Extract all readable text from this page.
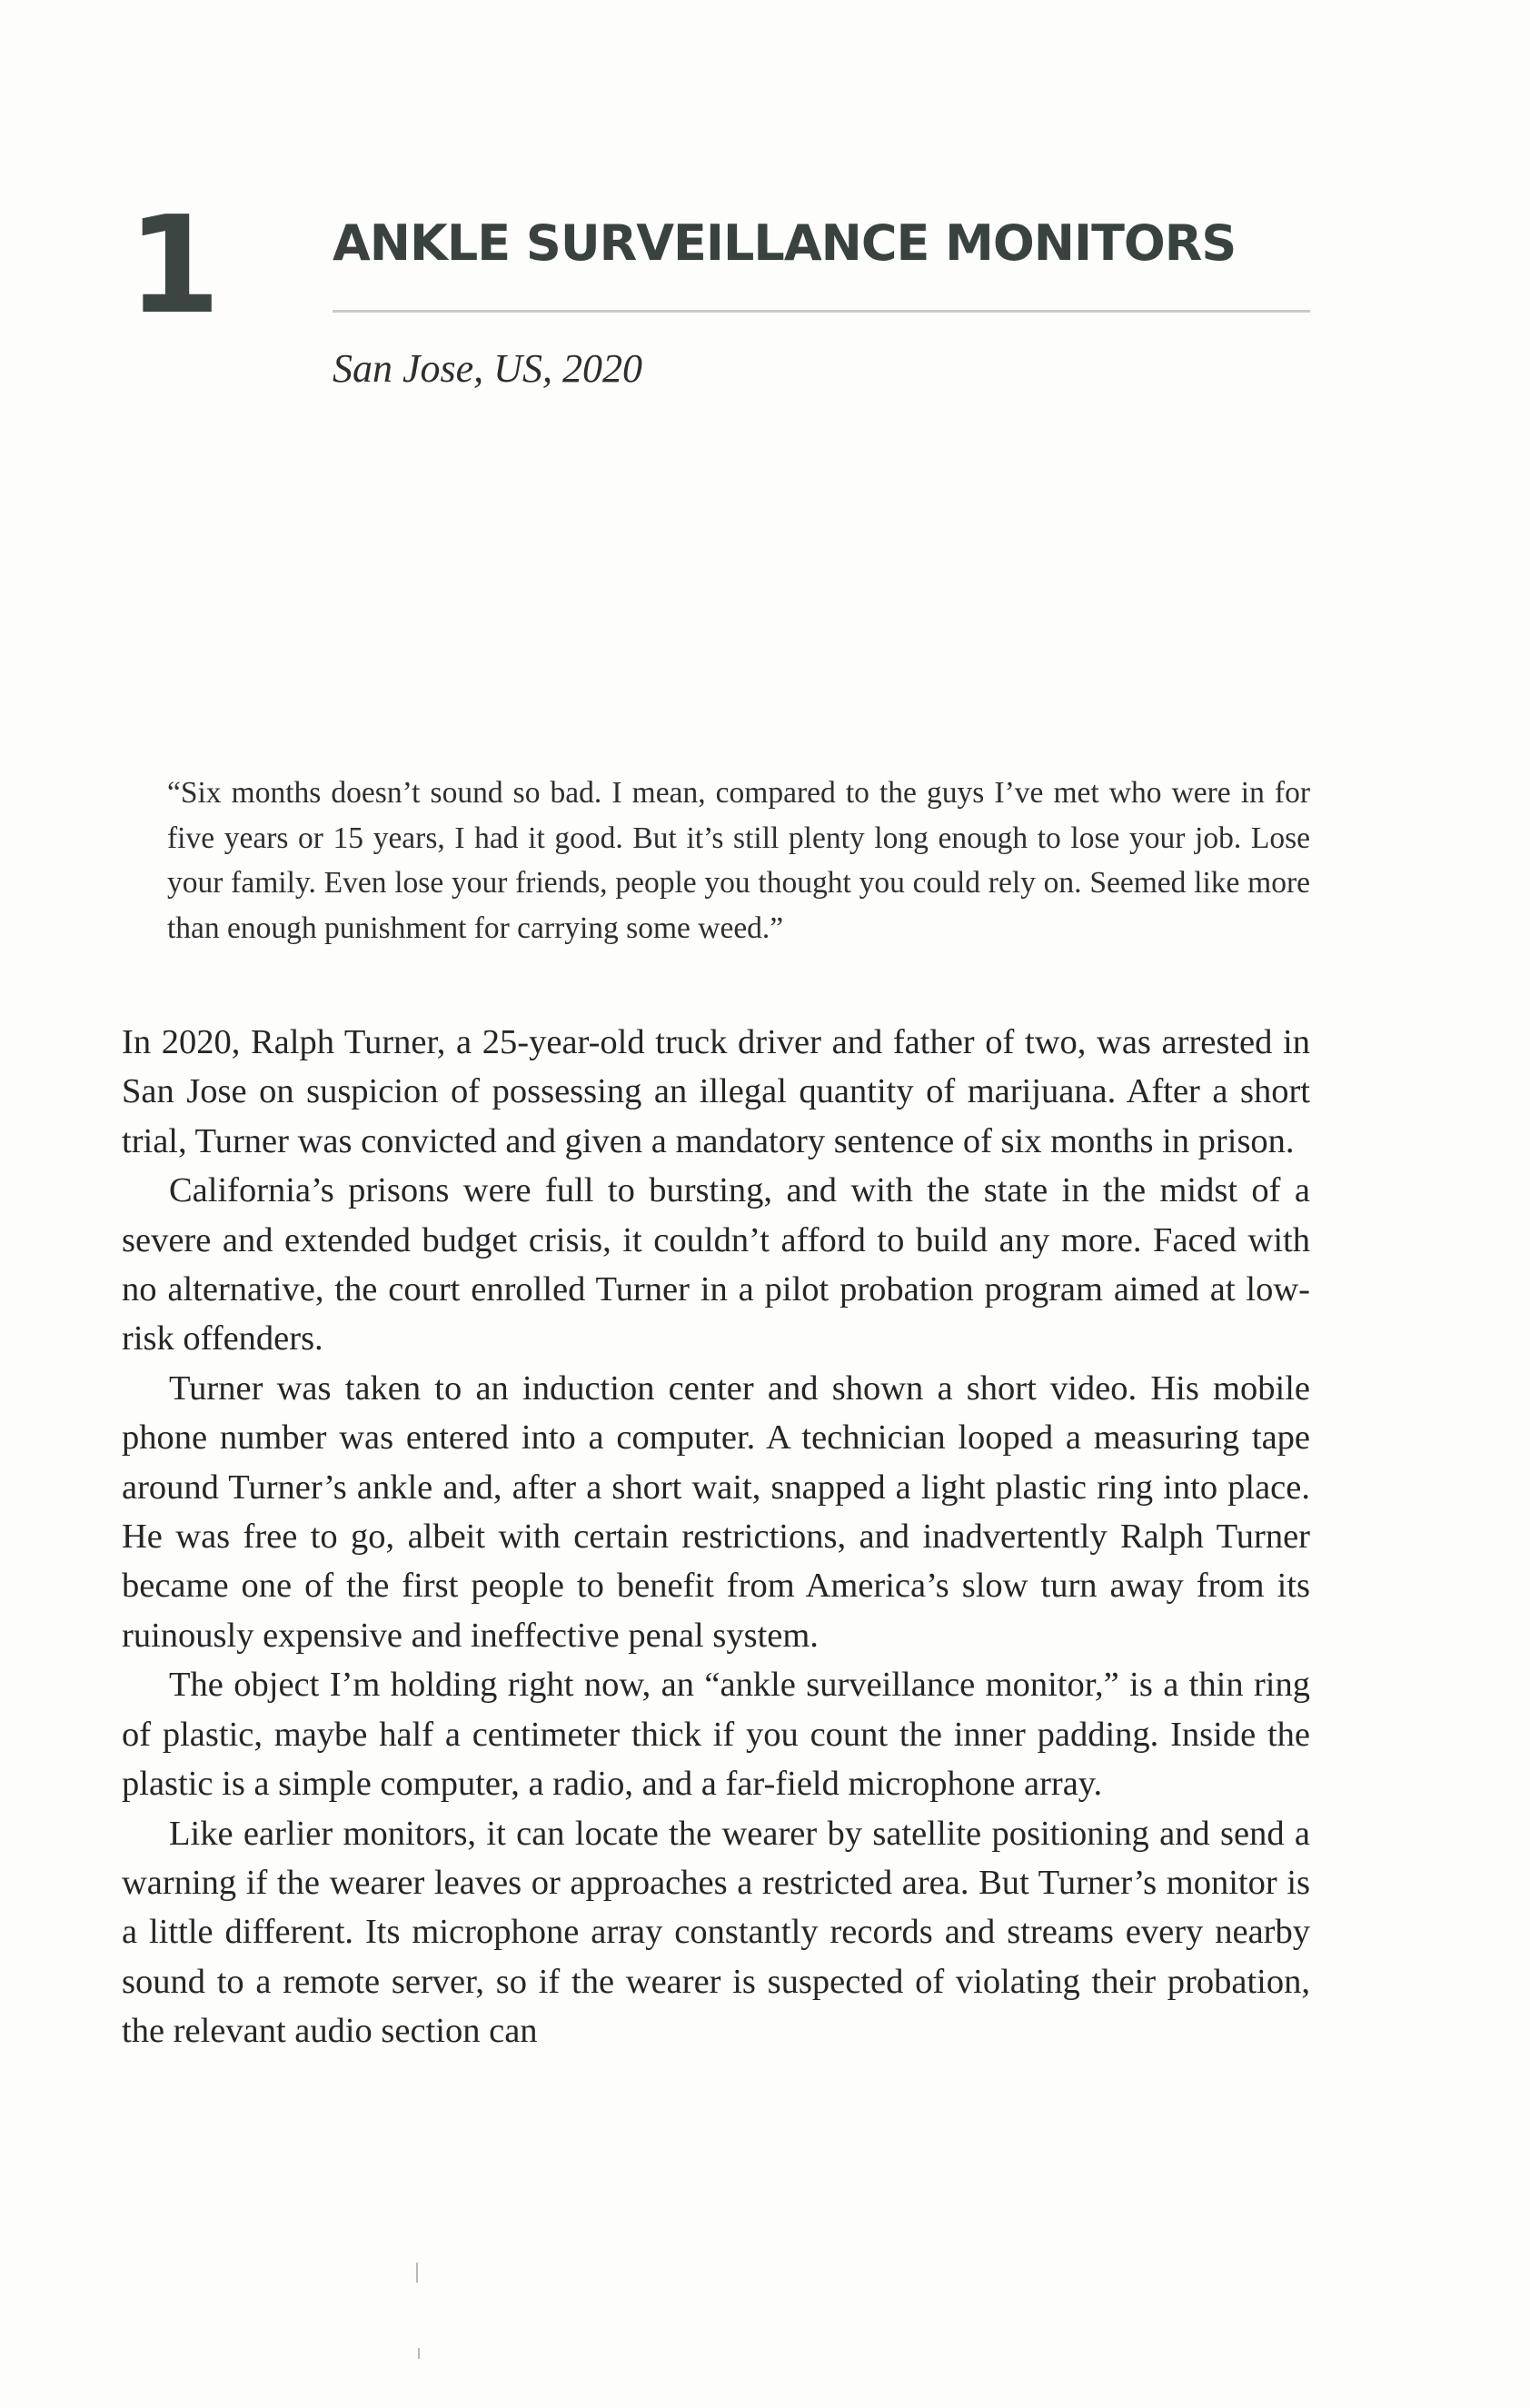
1 ANKLE SURVEILLANCE MONITORS
San Jose, US, 2020
“Six months doesn’t sound so bad. I mean, compared to the guys I’ve met who were in for five years or 15 years, I had it good. But it’s still plenty long enough to lose your job. Lose your family. Even lose your friends, people you thought you could rely on. Seemed like more than enough punishment for carrying some weed.”

In 2020, Ralph Turner, a 25-year-old truck driver and father of two, was arrested in San Jose on suspicion of possessing an illegal quantity of marijuana. After a short trial, Turner was convicted and given a mandatory sentence of six months in prison.

California’s prisons were full to bursting, and with the state in the midst of a severe and extended budget crisis, it couldn’t afford to build any more. Faced with no alternative, the court enrolled Turner in a pilot probation program aimed at low-risk offenders.

Turner was taken to an induction center and shown a short video. His mobile phone number was entered into a computer. A technician looped a measuring tape around Turner’s ankle and, after a short wait, snapped a light plastic ring into place. He was free to go, albeit with certain restrictions, and inadvertently Ralph Turner became one of the first people to benefit from America’s slow turn away from its ruinously expensive and ineffective penal system.

The object I’m holding right now, an “ankle surveillance monitor,” is a thin ring of plastic, maybe half a centimeter thick if you count the inner padding. Inside the plastic is a simple computer, a radio, and a far-field microphone array.

Like earlier monitors, it can locate the wearer by satellite positioning and send a warning if the wearer leaves or approaches a restricted area. But Turner’s monitor is a little different. Its microphone array constantly records and streams every nearby sound to a remote server, so if the wearer is suspected of violating their probation, the relevant audio section can
